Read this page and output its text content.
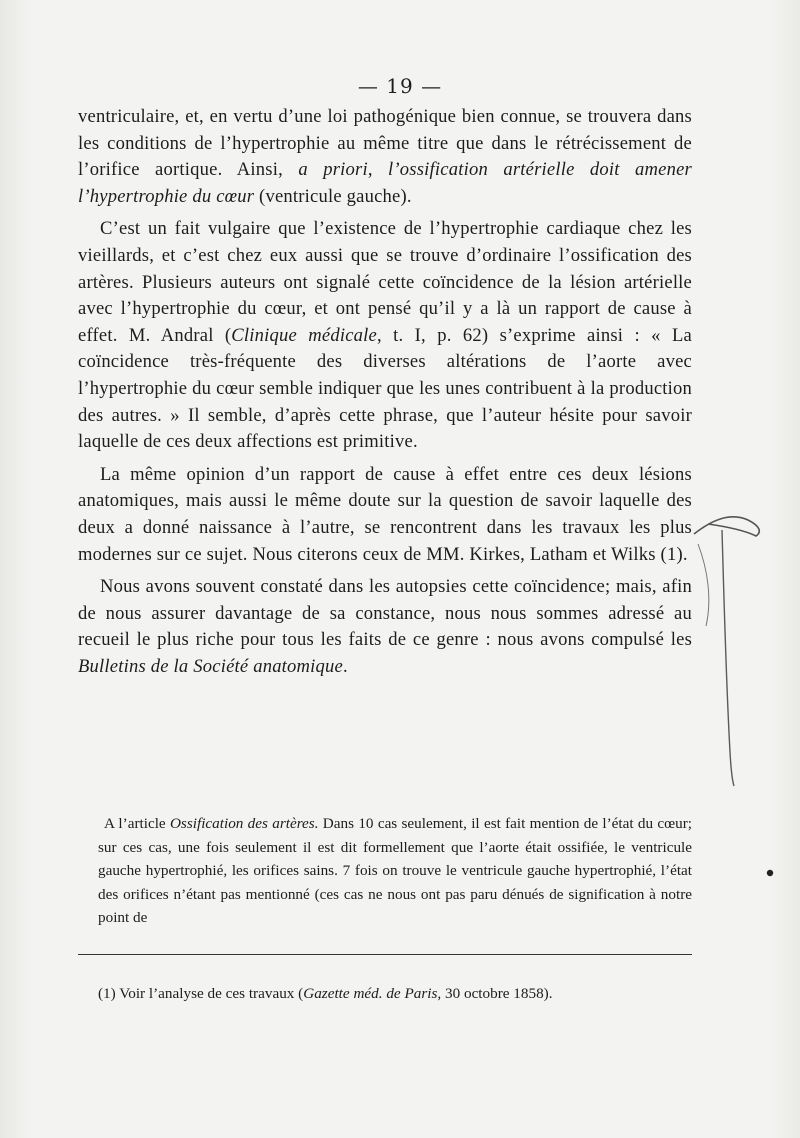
— 19 —

ventriculaire, et, en vertu d’une loi pathogénique bien connue, se trouvera dans les conditions de l’hypertrophie au même titre que dans le rétrécissement de l’orifice aortique. Ainsi, a priori, l’ossification artérielle doit amener l’hypertrophie du cœur (ventricule gauche).

C’est un fait vulgaire que l’existence de l’hypertrophie cardiaque chez les vieillards, et c’est chez eux aussi que se trouve d’ordinaire l’ossification des artères. Plusieurs auteurs ont signalé cette coïncidence de la lésion artérielle avec l’hypertrophie du cœur, et ont pensé qu’il y a là un rapport de cause à effet. M. Andral (Clinique médicale, t. I, p. 62) s’exprime ainsi : « La coïncidence très-fréquente des diverses altérations de l’aorte avec l’hypertrophie du cœur semble indiquer que les unes contribuent à la production des autres. » Il semble, d’après cette phrase, que l’auteur hésite pour savoir laquelle de ces deux affections est primitive.

La même opinion d’un rapport de cause à effet entre ces deux lésions anatomiques, mais aussi le même doute sur la question de savoir laquelle des deux a donné naissance à l’autre, se rencontrent dans les travaux les plus modernes sur ce sujet. Nous citerons ceux de MM. Kirkes, Latham et Wilks (1).

Nous avons souvent constaté dans les autopsies cette coïncidence; mais, afin de nous assurer davantage de sa constance, nous nous sommes adressé au recueil le plus riche pour tous les faits de ce genre : nous avons compulsé les Bulletins de la Société anatomique.

A l’article Ossification des artères. Dans 10 cas seulement, il est fait mention de l’état du cœur; sur ces cas, une fois seulement il est dit formellement que l’aorte était ossifiée, le ventricule gauche hypertrophié, les orifices sains. 7 fois on trouve le ventricule gauche hypertrophié, l’état des orifices n’étant pas mentionné (ces cas ne nous ont pas paru dénués de signification à notre point de
(1) Voir l’analyse de ces travaux (Gazette méd. de Paris, 30 octobre 1858).
